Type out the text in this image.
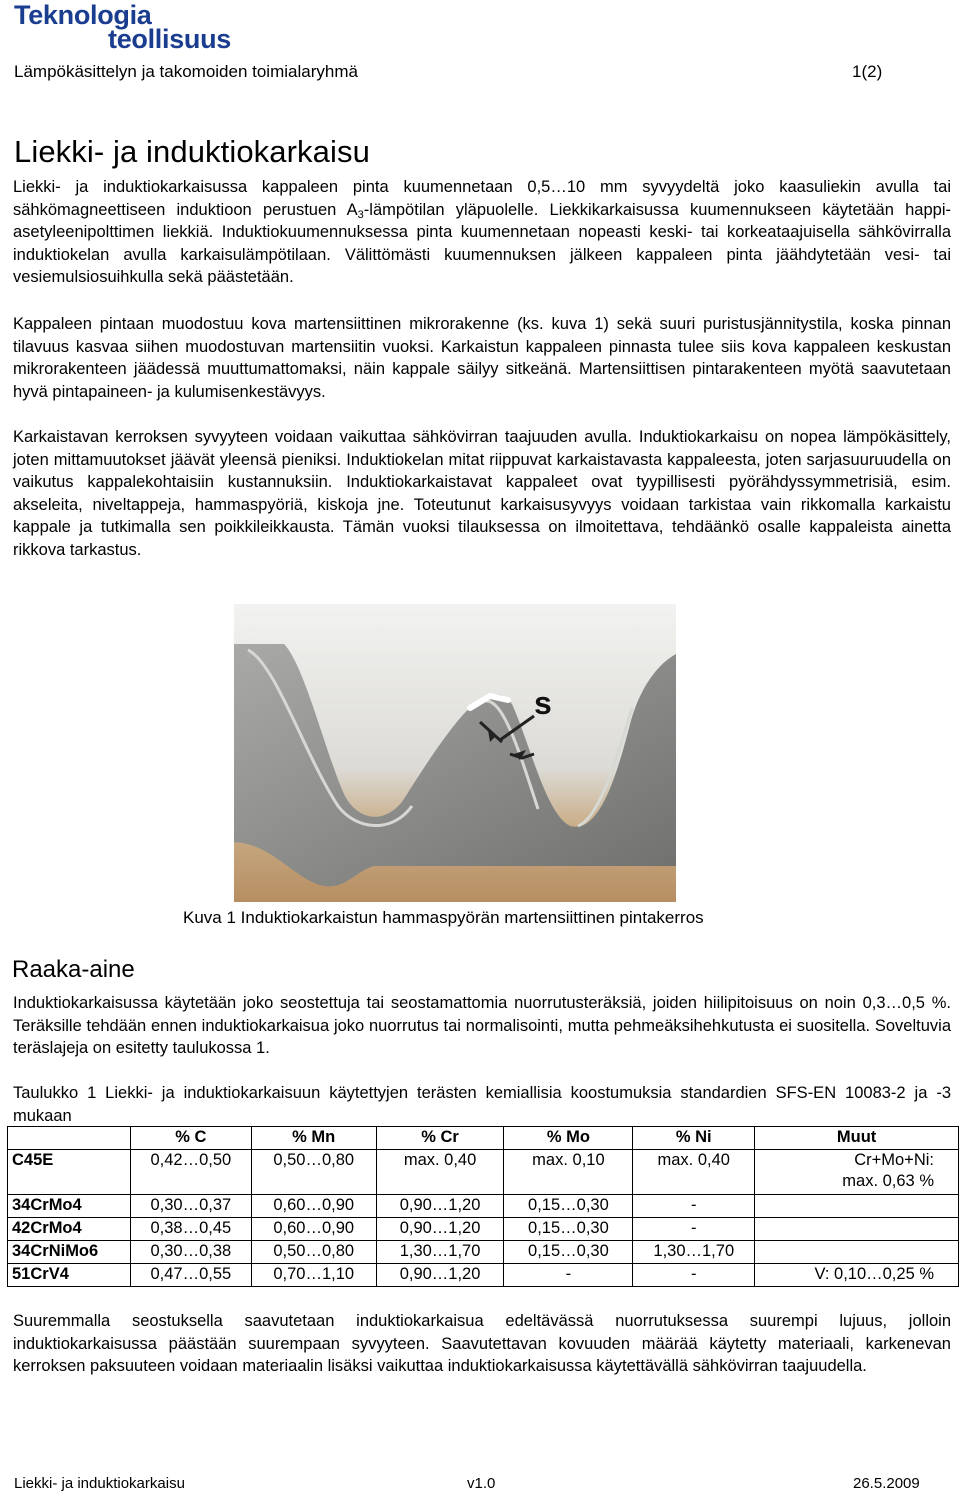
Teknologia
teollisuus
Lämpökäsittelyn ja takomoiden toimialaryhmä	1(2)
Liekki- ja induktiokarkaisu
Liekki- ja induktiokarkaisussa kappaleen pinta kuumennetaan 0,5…10 mm syvyydeltä joko kaasuliekin avulla tai sähkömagneettiseen induktioon perustuen $A_3$-lämpötilan yläpuolelle. Liekkikarkaisussa kuumennukseen käytetään happi-asetyleenipolttimen liekkiä. Induktiokuumennuksessa pinta kuumennetaan nopeasti keski- tai korkeataajuisella sähkövirralla induktiokelan avulla karkaisulämpötilaan. Välittömästi kuumennuksen jälkeen kappaleen pinta jäähdytetään vesi- tai vesiemulsiosuihkulla sekä päästetään.
Kappaleen pintaan muodostuu kova martensiittinen mikrorakenne (ks. kuva 1) sekä suuri puristusjännitystila, koska pinnan tilavuus kasvaa siihen muodostuvan martensiitin vuoksi. Karkaistun kappaleen pinnasta tulee siis kova kappaleen keskustan mikrorakenteen jäädessä muuttumattomaksi, näin kappale säilyy sitkeänä. Martensiittisen pintarakenteen myötä saavutetaan hyvä pintapaineen- ja kulumisenkestävyys.
Karkaistavan kerroksen syvyyteen voidaan vaikuttaa sähkövirran taajuuden avulla. Induktiokarkaisu on nopea lämpökäsittely, joten mittamuutokset jäävät yleensä pieniksi. Induktiokelan mitat riippuvat karkaistavasta kappaleesta, joten sarjasuuruudella on vaikutus kappalekohtaisiin kustannuksiin. Induktiokarkaistavat kappaleet ovat tyypillisesti pyörähdyssymmetrisiä, esim. akseleita, niveltappeja, hammaspyöriä, kiskoja jne. Toteutunut karkaisusyvyys voidaan tarkistaa vain rikkomalla karkaistu kappale ja tutkimalla sen poikkileikkausta. Tämän vuoksi tilauksessa on ilmoitettava, tehdäänkö osalle kappaleista ainetta rikkova tarkastus.
s
Kuva 1 Induktiokarkaistun hammaspyörän martensiittinen pintakerros
Raaka-aine
Induktiokarkaisussa käytetään joko seostettuja tai seostamattomia nuorrutusteräksiä, joiden hiilipitoisuus on noin 0,3…0,5 %. Teräksille tehdään ennen induktiokarkaisua joko nuorrutus tai normalisointi, mutta pehmeäksihehkutusta ei suositella. Soveltuvia teräslajeja on esitetty taulukossa 1.
Taulukko 1 Liekki- ja induktiokarkaisuun käytettyjen terästen kemiallisia koostumuksia standardien SFS-EN 10083-2 ja -3 mukaan
	% C	% Mn	% Cr	% Mo	% Ni	Muut
C45E	0,42…0,50	0,50…0,80	max. 0,40	max. 0,10	max. 0,40	Cr+Mo+Ni:
max. 0,63 %

34CrMo4	0,30…0,37	0,60…0,90	0,90…1,20	0,15…0,30	-	
42CrMo4	0,38…0,45	0,60…0,90	0,90…1,20	0,15…0,30	-	
34CrNiMo6	0,30…0,38	0,50…0,80	1,30…1,70	0,15…0,30	1,30…1,70	
51CrV4	0,47…0,55	0,70…1,10	0,90…1,20	-	-	V: 0,10…0,25 %
Suuremmalla seostuksella saavutetaan induktiokarkaisua edeltävässä nuorrutuksessa suurempi lujuus, jolloin induktiokarkaisussa päästään suurempaan syvyyteen. Saavutettavan kovuuden määrää käytetty materiaali, karkenevan kerroksen paksuuteen voidaan materiaalin lisäksi vaikuttaa induktiokarkaisussa käytettävällä sähkövirran taajuudella.
Liekki- ja induktiokarkaisu	v1.0	26.5.2009
